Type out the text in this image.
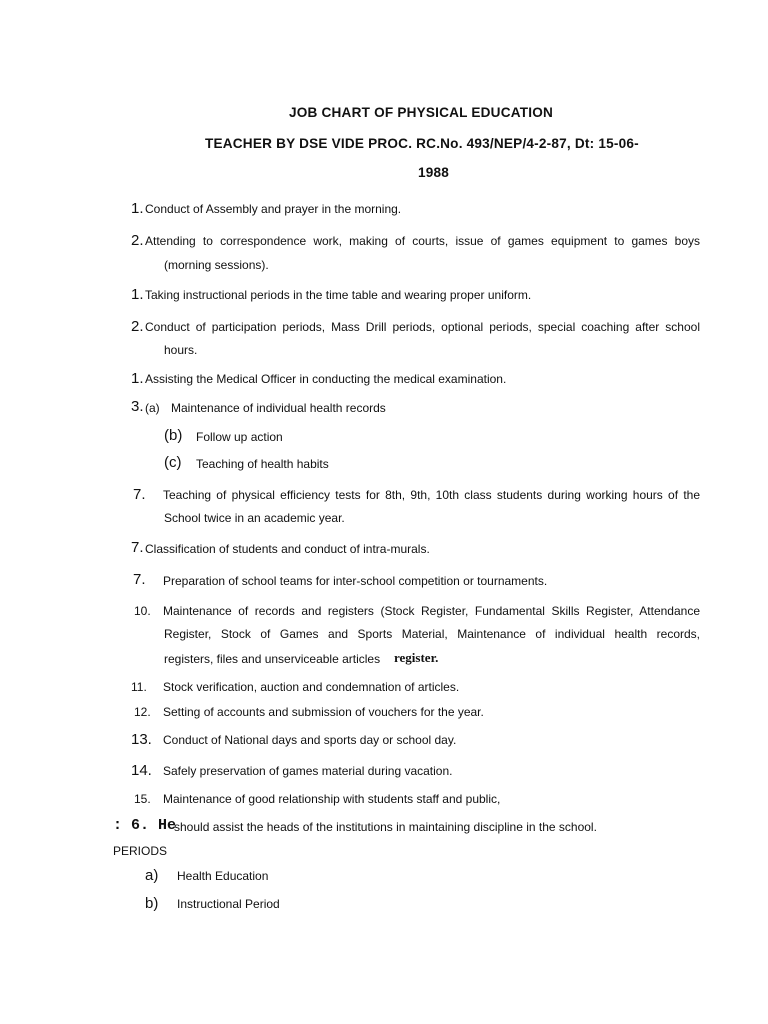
JOB CHART OF PHYSICAL EDUCATION
TEACHER BY DSE VIDE PROC. RC.No. 493/NEP/4-2-87, Dt: 15-06-
1988
1. Conduct of Assembly and prayer in the morning.
2. Attending to correspondence work, making of courts, issue of games equipment to games boys
(morning sessions).
1. Taking instructional periods in the time table and wearing proper uniform.
2. Conduct of participation periods, Mass Drill periods, optional periods, special coaching after school
hours.
1. Assisting the Medical Officer in conducting the medical examination.
3. (a) Maintenance of individual health records
(b) Follow up action
(c) Teaching of health habits
7. Teaching of physical efficiency tests for 8th, 9th, 10th class students during working hours of the
School twice in an academic year.
7. Classification of students and conduct of intra-murals.
7. Preparation of school teams for inter-school competition or tournaments.
10. Maintenance of records and registers (Stock Register, Fundamental Skills Register, Attendance
Register, Stock of Games and Sports Material, Maintenance of individual health records,
registers, files and unserviceable articles register.
11. Stock verification, auction and condemnation of articles.
12. Setting of accounts and submission of vouchers for the year.
13. Conduct of National days and sports day or school day.
14. Safely preservation of games material during vacation.
15. Maintenance of good relationship with students staff and public,
: 6. He
should assist the heads of the institutions in maintaining discipline in the school.
PERIODS
a) Health Education
b) Instructional Period
